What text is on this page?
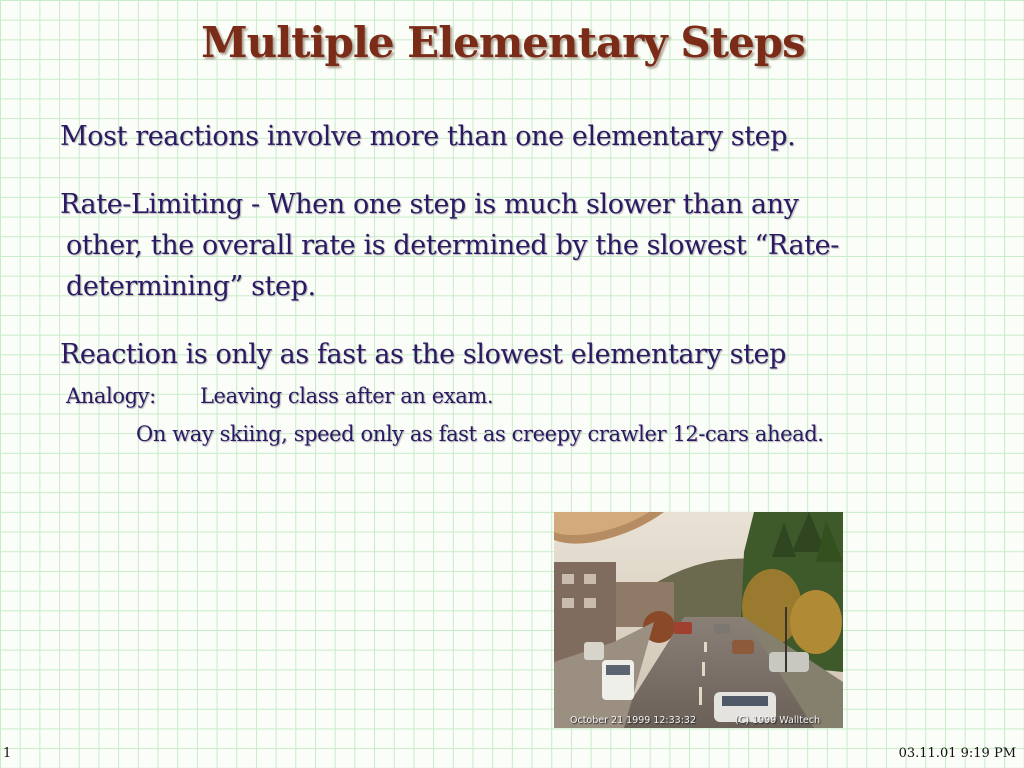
Multiple Elementary Steps
Most reactions involve more than one elementary step.
Rate-Limiting - When one step is much slower than any
other, the overall rate is determined by the slowest “Rate-
determining” step.
Reaction is only as fast as the slowest elementary step
Analogy: Leaving class after an exam.
On way skiing, speed only as fast as creepy crawler 12-cars ahead.
October 21 1999 12:33:32	(C) 1999 Walltech
1	03.11.01 9:19 PM
